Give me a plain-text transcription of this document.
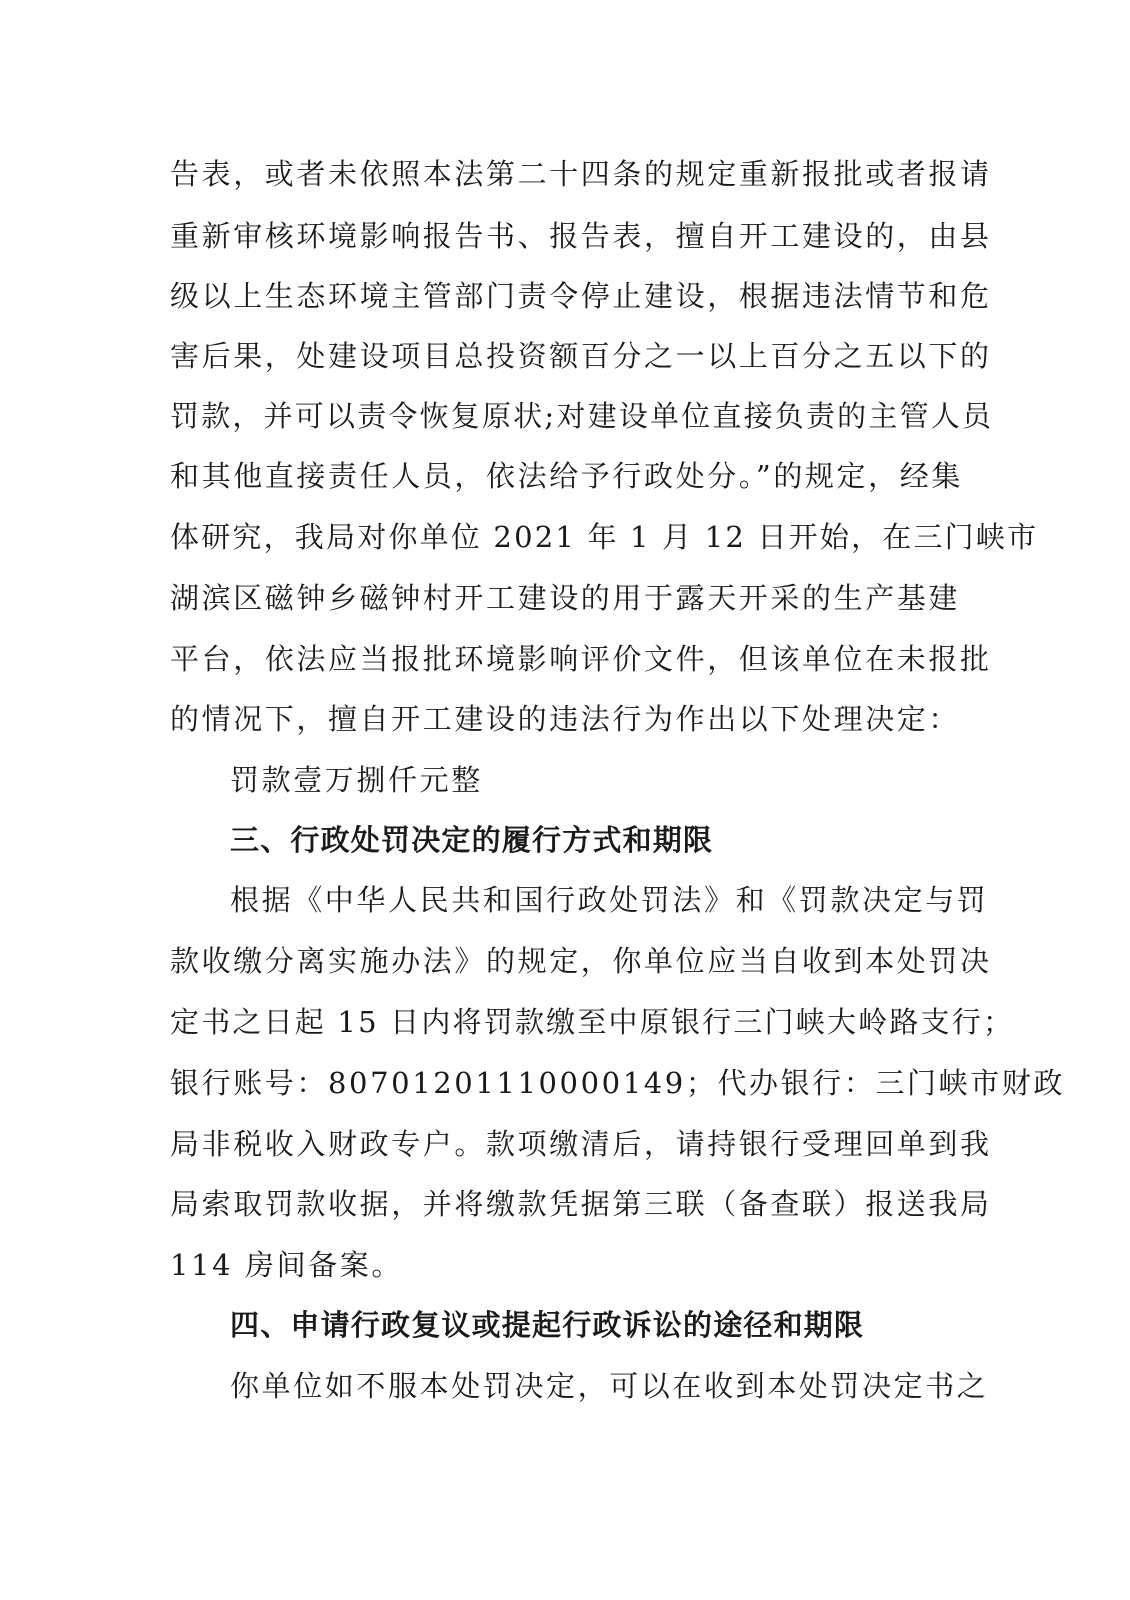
告表，或者未依照本法第二十四条的规定重新报批或者报请
重新审核环境影响报告书、报告表，擅自开工建设的，由县
级以上生态环境主管部门责令停止建设，根据违法情节和危
害后果，处建设项目总投资额百分之一以上百分之五以下的
罚款，并可以责令恢复原状;对建设单位直接负责的主管人员
和其他直接责任人员，依法给予行政处分。”的规定，经集
体研究，我局对你单位 2021 年 1 月 12 日开始，在三门峡市
湖滨区磁钟乡磁钟村开工建设的用于露天开采的生产基建
平台，依法应当报批环境影响评价文件，但该单位在未报批
的情况下，擅自开工建设的违法行为作出以下处理决定：
罚款壹万捌仟元整
三、行政处罚决定的履行方式和期限
根据《中华人民共和国行政处罚法》和《罚款决定与罚
款收缴分离实施办法》的规定，你单位应当自收到本处罚决
定书之日起 15 日内将罚款缴至中原银行三门峡大岭路支行；
银行账号：80701201110000149；代办银行：三门峡市财政
局非税收入财政专户。款项缴清后，请持银行受理回单到我
局索取罚款收据，并将缴款凭据第三联（备查联）报送我局
114 房间备案。
四、申请行政复议或提起行政诉讼的途径和期限
你单位如不服本处罚决定，可以在收到本处罚决定书之
